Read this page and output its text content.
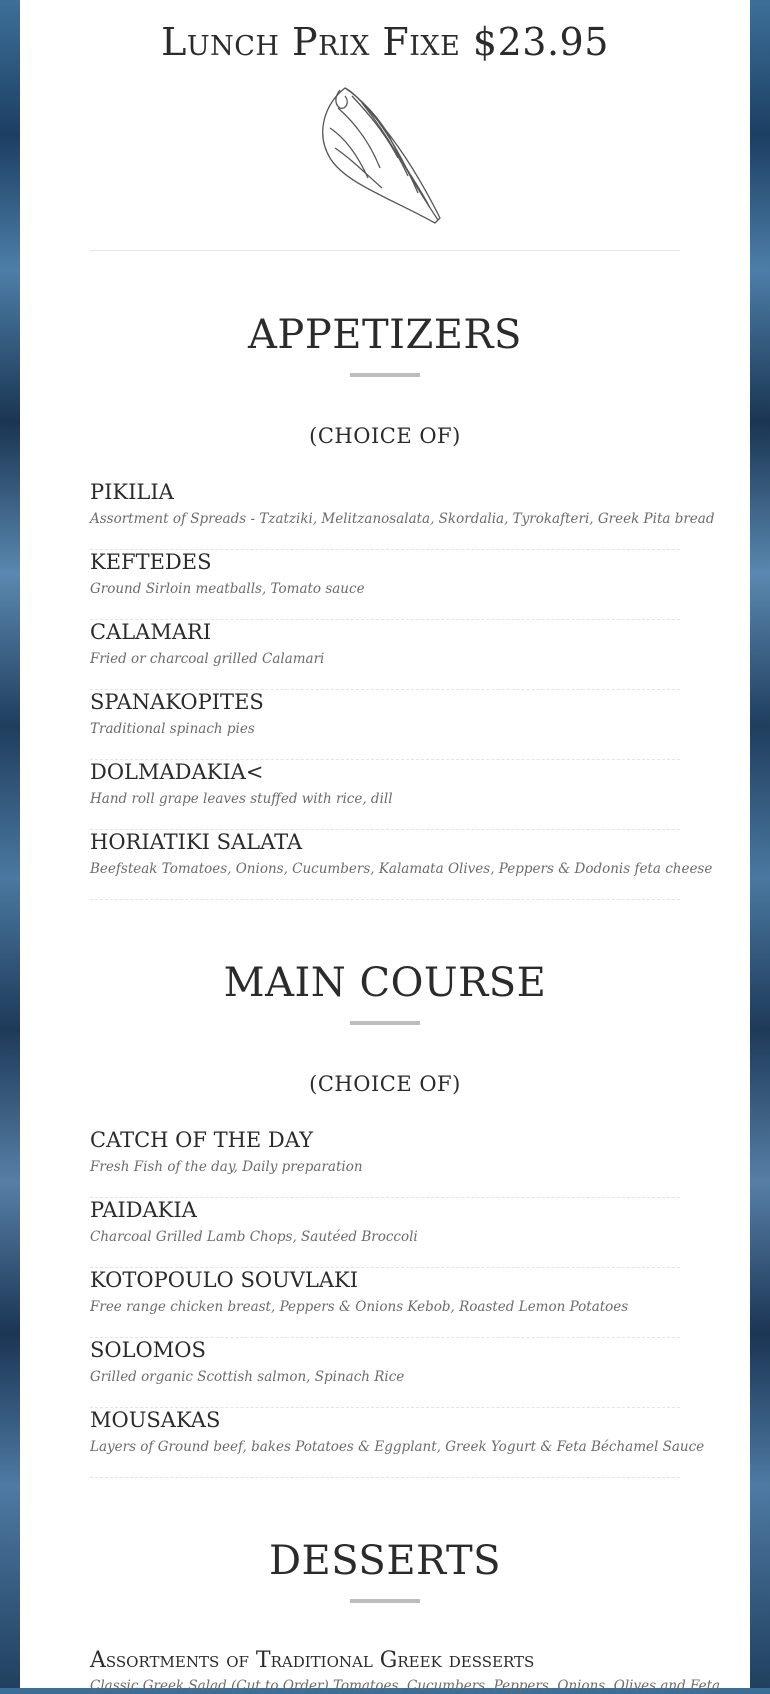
Lunch Prix Fixe $23.95
APPETIZERS
(CHOICE OF)
PIKILIA
Assortment of Spreads - Tzatziki, Melitzanosalata, Skordalia, Tyrokafteri, Greek Pita bread
KEFTEDES
Ground Sirloin meatballs, Tomato sauce
CALAMARI
Fried or charcoal grilled Calamari
SPANAKOPITES
Traditional spinach pies
DOLMADAKIA<
Hand roll grape leaves stuffed with rice, dill
HORIATIKI SALATA
Beefsteak Tomatoes, Onions, Cucumbers, Kalamata Olives, Peppers & Dodonis feta cheese
MAIN COURSE
(CHOICE OF)
CATCH OF THE DAY
Fresh Fish of the day, Daily preparation
PAIDAKIA
Charcoal Grilled Lamb Chops, Sautéed Broccoli
KOTOPOULO SOUVLAKI
Free range chicken breast, Peppers & Onions Kebob, Roasted Lemon Potatoes
SOLOMOS
Grilled organic Scottish salmon, Spinach Rice
MOUSAKAS
Layers of Ground beef, bakes Potatoes & Eggplant, Greek Yogurt & Feta Béchamel Sauce
DESSERTS
Assortments of Traditional Greek desserts
Classic Greek Salad (Cut to Order) Tomatoes, Cucumbers, Peppers, Onions, Olives and Feta
